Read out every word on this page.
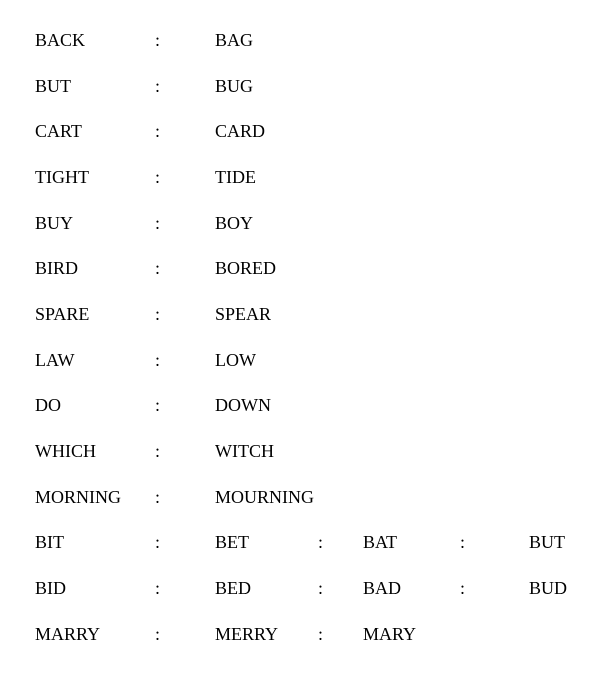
BACK	:	BAG
BUT	:	BUG
CART	:	CARD
TIGHT	:	TIDE
BUY	:	BOY
BIRD	:	BORED
SPARE	:	SPEAR
LAW	:	LOW
DO	:	DOWN
WHICH	:	WITCH
MORNING :	MOURNING
BIT	:	BET	: BAT	:	BUT
BID	:	BED	: BAD	:	BUD
MARRY	:	MERRY : MARY
